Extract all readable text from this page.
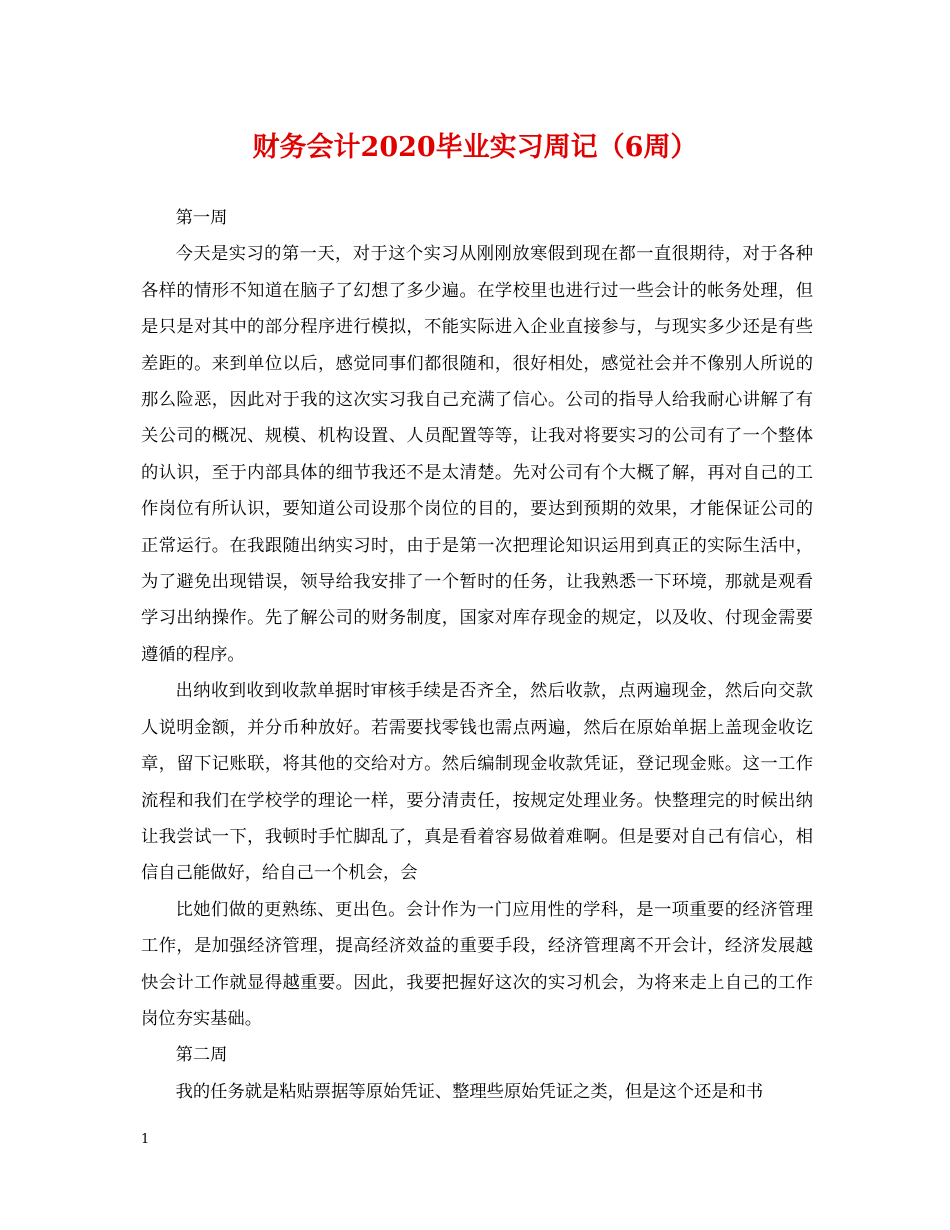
财务会计2020毕业实习周记（6周）

第一周

今天是实习的第一天，对于这个实习从刚刚放寒假到现在都一直很期待，对于各种各样的情形不知道在脑子了幻想了多少遍。在学校里也进行过一些会计的帐务处理，但是只是对其中的部分程序进行模拟，不能实际进入企业直接参与，与现实多少还是有些差距的。来到单位以后，感觉同事们都很随和，很好相处，感觉社会并不像别人所说的那么险恶，因此对于我的这次实习我自己充满了信心。公司的指导人给我耐心讲解了有关公司的概况、规模、机构设置、人员配置等等，让我对将要实习的公司有了一个整体的认识，至于内部具体的细节我还不是太清楚。先对公司有个大概了解，再对自己的工作岗位有所认识，要知道公司设那个岗位的目的，要达到预期的效果，才能保证公司的正常运行。在我跟随出纳实习时，由于是第一次把理论知识运用到真正的实际生活中，为了避免出现错误，领导给我安排了一个暂时的任务，让我熟悉一下环境，那就是观看学习出纳操作。先了解公司的财务制度，国家对库存现金的规定，以及收、付现金需要遵循的程序。

出纳收到收到收款单据时审核手续是否齐全，然后收款，点两遍现金，然后向交款人说明金额，并分币种放好。若需要找零钱也需点两遍，然后在原始单据上盖现金收讫章，留下记账联，将其他的交给对方。然后编制现金收款凭证，登记现金账。这一工作流程和我们在学校学的理论一样，要分清责任，按规定处理业务。快整理完的时候出纳让我尝试一下，我顿时手忙脚乱了，真是看着容易做着难啊。但是要对自己有信心，相信自己能做好，给自己一个机会，会

比她们做的更熟练、更出色。会计作为一门应用性的学科，是一项重要的经济管理工作，是加强经济管理，提高经济效益的重要手段，经济管理离不开会计，经济发展越快会计工作就显得越重要。因此，我要把握好这次的实习机会，为将来走上自己的工作岗位夯实基础。

第二周

我的任务就是粘贴票据等原始凭证、整理些原始凭证之类，但是这个还是和书

1
